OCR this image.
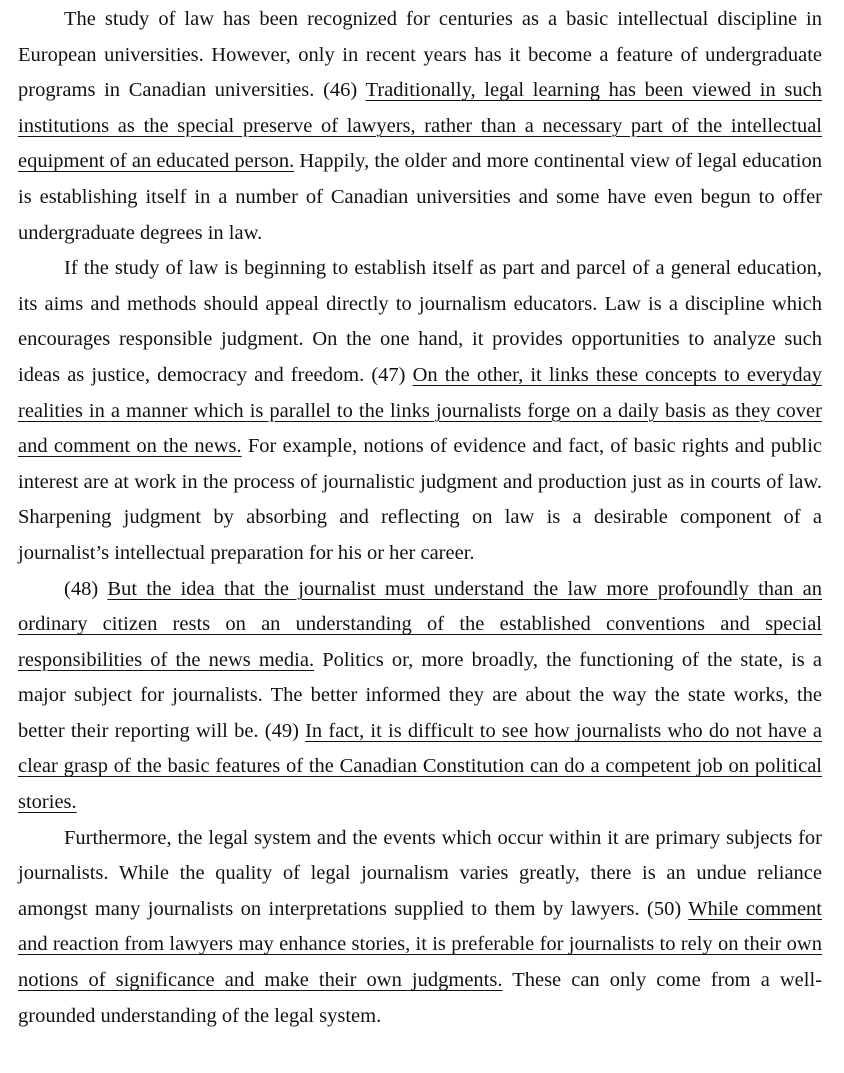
The study of law has been recognized for centuries as a basic intellectual discipline in European universities. However, only in recent years has it become a feature of undergraduate programs in Canadian universities. (46) Traditionally, legal learning has been viewed in such institutions as the special preserve of lawyers, rather than a necessary part of the intellectual equipment of an educated person. Happily, the older and more continental view of legal education is establishing itself in a number of Canadian universities and some have even begun to offer undergraduate degrees in law.

If the study of law is beginning to establish itself as part and parcel of a general education, its aims and methods should appeal directly to journalism educators. Law is a discipline which encourages responsible judgment. On the one hand, it provides opportunities to analyze such ideas as justice, democracy and freedom. (47) On the other, it links these concepts to everyday realities in a manner which is parallel to the links journalists forge on a daily basis as they cover and comment on the news. For example, notions of evidence and fact, of basic rights and public interest are at work in the process of journalistic judgment and production just as in courts of law. Sharpening judgment by absorbing and reflecting on law is a desirable component of a journalist’s intellectual preparation for his or her career.

(48) But the idea that the journalist must understand the law more profoundly than an ordinary citizen rests on an understanding of the established conventions and special responsibilities of the news media. Politics or, more broadly, the functioning of the state, is a major subject for journalists. The better informed they are about the way the state works, the better their reporting will be. (49) In fact, it is difficult to see how journalists who do not have a clear grasp of the basic features of the Canadian Constitution can do a competent job on political stories.

Furthermore, the legal system and the events which occur within it are primary subjects for journalists. While the quality of legal journalism varies greatly, there is an undue reliance amongst many journalists on interpretations supplied to them by lawyers. (50) While comment and reaction from lawyers may enhance stories, it is preferable for journalists to rely on their own notions of significance and make their own judgments. These can only come from a well-grounded understanding of the legal system.
